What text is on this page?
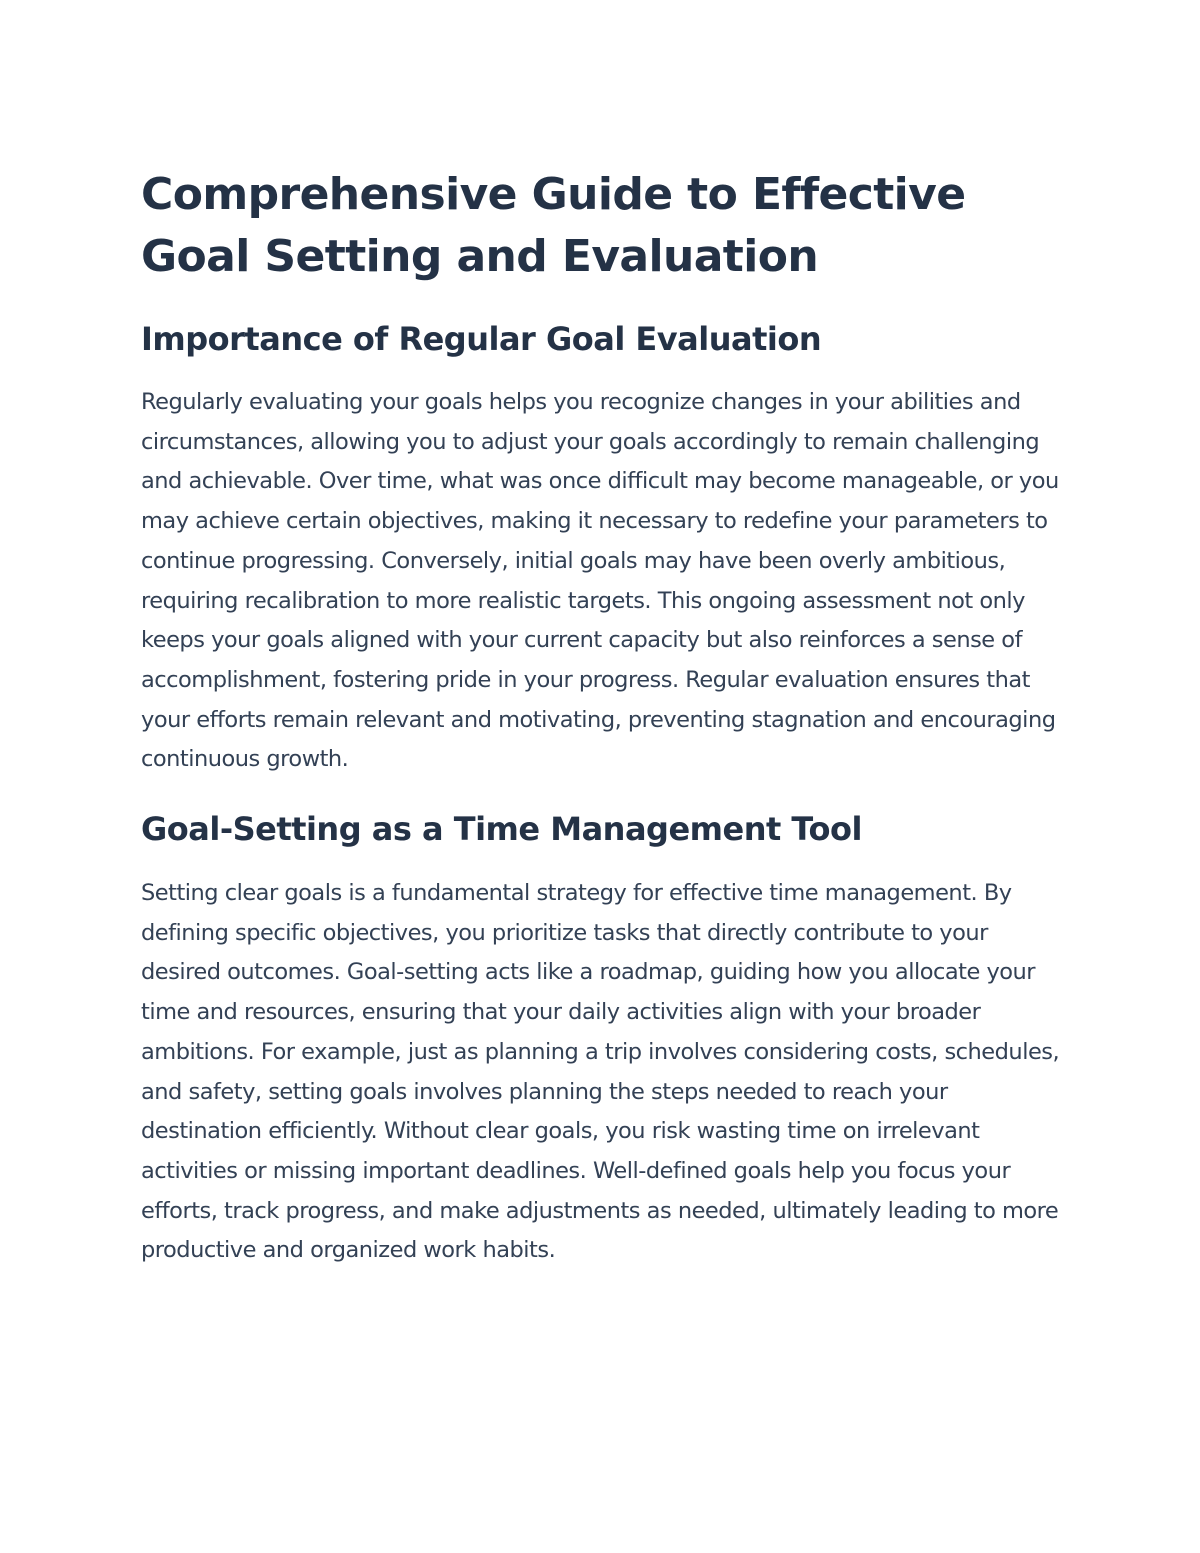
Comprehensive Guide to Effective Goal Setting and Evaluation
Importance of Regular Goal Evaluation

Regularly evaluating your goals helps you recognize changes in your abilities and circumstances, allowing you to adjust your goals accordingly to remain challenging and achievable. Over time, what was once difficult may become manageable, or you may achieve certain objectives, making it necessary to redefine your parameters to continue progressing. Conversely, initial goals may have been overly ambitious, requiring recalibration to more realistic targets. This ongoing assessment not only keeps your goals aligned with your current capacity but also reinforces a sense of accomplishment, fostering pride in your progress. Regular evaluation ensures that your efforts remain relevant and motivating, preventing stagnation and encouraging continuous growth.

Goal-Setting as a Time Management Tool

Setting clear goals is a fundamental strategy for effective time management. By defining specific objectives, you prioritize tasks that directly contribute to your desired outcomes. Goal-setting acts like a roadmap, guiding how you allocate your time and resources, ensuring that your daily activities align with your broader ambitions. For example, just as planning a trip involves considering costs, schedules, and safety, setting goals involves planning the steps needed to reach your destination efficiently. Without clear goals, you risk wasting time on irrelevant activities or missing important deadlines. Well-defined goals help you focus your efforts, track progress, and make adjustments as needed, ultimately leading to more productive and organized work habits.
